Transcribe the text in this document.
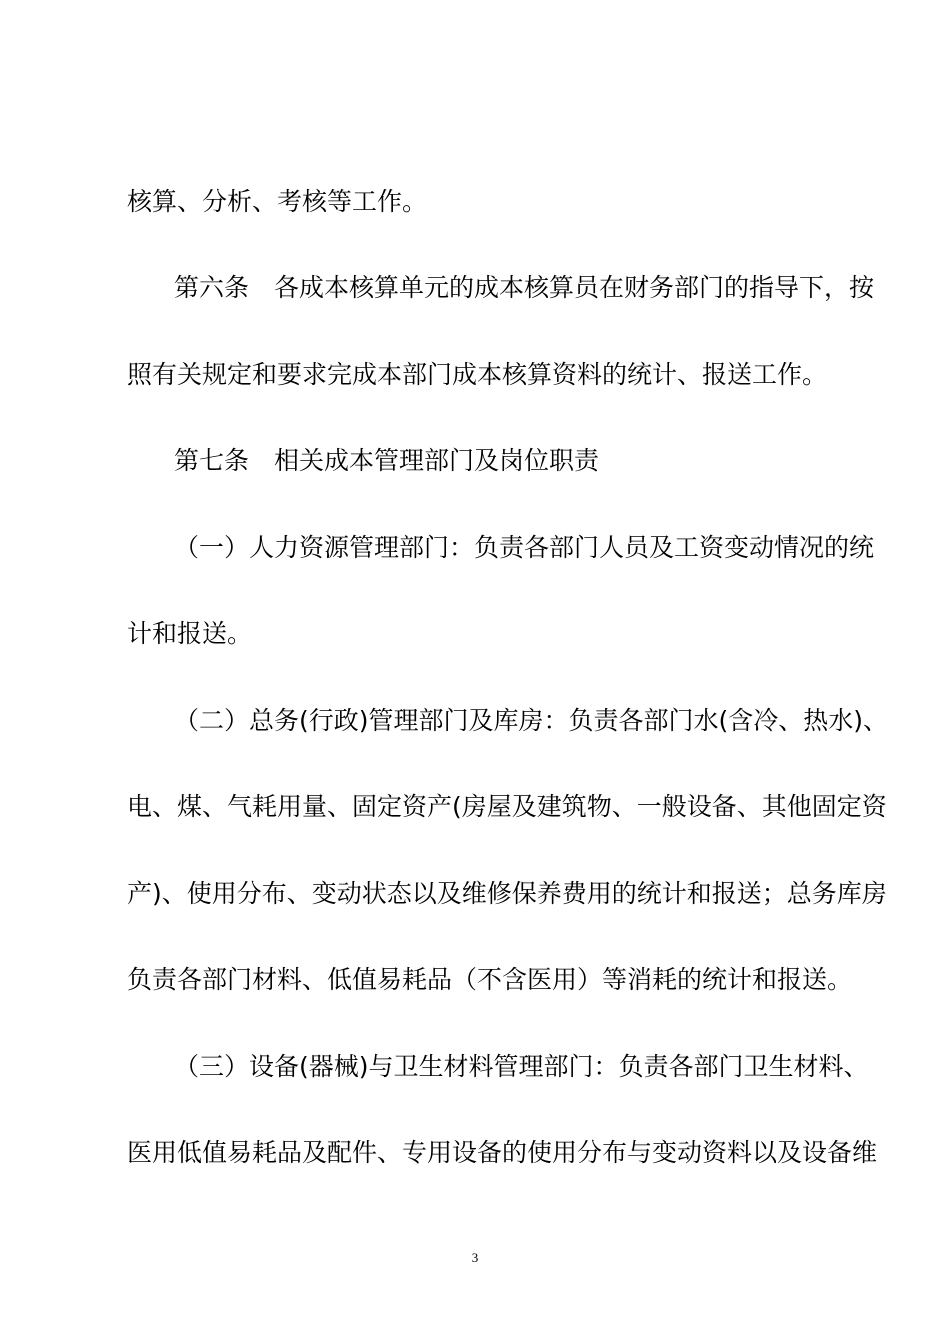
核算、分析、考核等工作。
第六条　各成本核算单元的成本核算员在财务部门的指导下，按
照有关规定和要求完成本部门成本核算资料的统计、报送工作。
第七条　相关成本管理部门及岗位职责
（一）人力资源管理部门：负责各部门人员及工资变动情况的统
计和报送。
（二）总务(行政)管理部门及库房：负责各部门水(含冷、热水)、
电、煤、气耗用量、固定资产(房屋及建筑物、一般设备、其他固定资
产)、使用分布、变动状态以及维修保养费用的统计和报送；总务库房
负责各部门材料、低值易耗品（不含医用）等消耗的统计和报送。
（三）设备(器械)与卫生材料管理部门：负责各部门卫生材料、
医用低值易耗品及配件、专用设备的使用分布与变动资料以及设备维
3
